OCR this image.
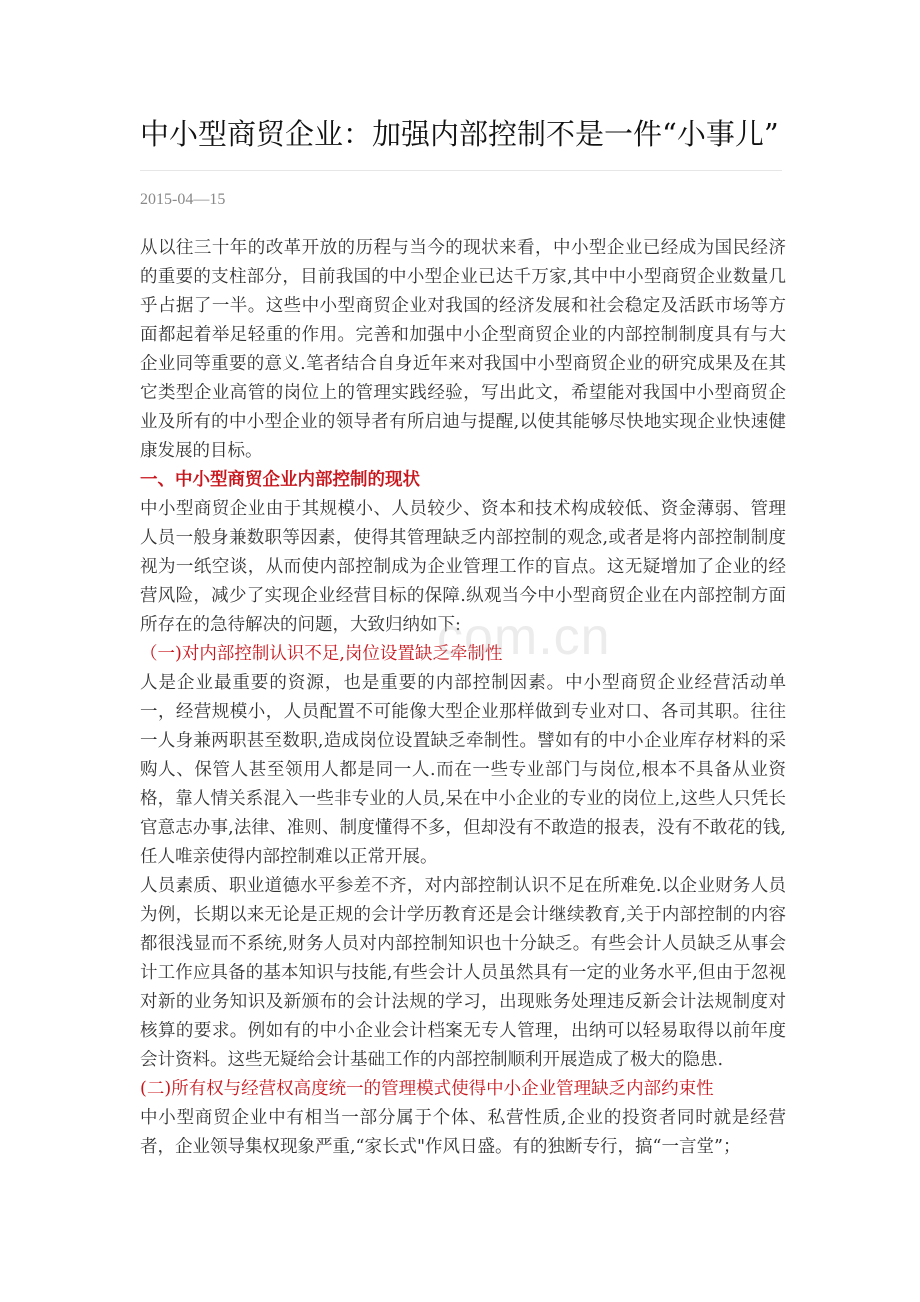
中小型商贸企业：加强内部控制不是一件“小事儿”
2015-04—15

从以往三十年的改革开放的历程与当今的现状来看，中小型企业已经成为国民经济的重要的支柱部分，目前我国的中小型企业已达千万家,其中中小型商贸企业数量几乎占据了一半。这些中小型商贸企业对我国的经济发展和社会稳定及活跃市场等方面都起着举足轻重的作用。完善和加强中小企型商贸企业的内部控制制度具有与大企业同等重要的意义.笔者结合自身近年来对我国中小型商贸企业的研究成果及在其它类型企业高管的岗位上的管理实践经验，写出此文，希望能对我国中小型商贸企业及所有的中小型企业的领导者有所启迪与提醒,以使其能够尽快地实现企业快速健康发展的目标。

一、中小型商贸企业内部控制的现状

中小型商贸企业由于其规模小、人员较少、资本和技术构成较低、资金薄弱、管理人员一般身兼数职等因素，使得其管理缺乏内部控制的观念,或者是将内部控制制度视为一纸空谈，从而使内部控制成为企业管理工作的盲点。这无疑增加了企业的经营风险，减少了实现企业经营目标的保障.纵观当今中小型商贸企业在内部控制方面所存在的急待解决的问题，大致归纳如下:

（一)对内部控制认识不足,岗位设置缺乏牵制性

人是企业最重要的资源，也是重要的内部控制因素。中小型商贸企业经营活动单一，经营规模小，人员配置不可能像大型企业那样做到专业对口、各司其职。往往一人身兼两职甚至数职,造成岗位设置缺乏牵制性。譬如有的中小企业库存材料的采购人、保管人甚至领用人都是同一人.而在一些专业部门与岗位,根本不具备从业资格，靠人情关系混入一些非专业的人员,呆在中小企业的专业的岗位上,这些人只凭长官意志办事,法律、准则、制度懂得不多，但却没有不敢造的报表，没有不敢花的钱,任人唯亲使得内部控制难以正常开展。

人员素质、职业道德水平参差不齐，对内部控制认识不足在所难免.以企业财务人员为例，长期以来无论是正规的会计学历教育还是会计继续教育,关于内部控制的内容都很浅显而不系统,财务人员对内部控制知识也十分缺乏。有些会计人员缺乏从事会计工作应具备的基本知识与技能,有些会计人员虽然具有一定的业务水平,但由于忽视对新的业务知识及新颁布的会计法规的学习，出现账务处理违反新会计法规制度对核算的要求。例如有的中小企业会计档案无专人管理，出纳可以轻易取得以前年度会计资料。这些无疑给会计基础工作的内部控制顺利开展造成了极大的隐患.

(二)所有权与经营权高度统一的管理模式使得中小企业管理缺乏内部约束性

中小型商贸企业中有相当一部分属于个体、私营性质,企业的投资者同时就是经营者，企业领导集权现象严重,“家长式"作风日盛。有的独断专行，搞“一言堂”；

com.cn
